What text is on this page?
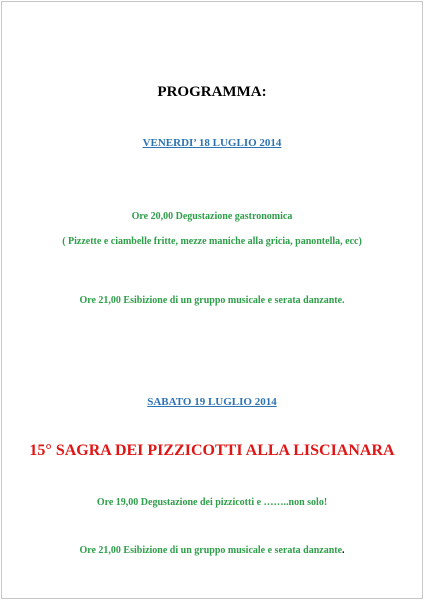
PROGRAMMA:
VENERDI’ 18 LUGLIO 2014
Ore 20,00 Degustazione gastronomica
( Pizzette e ciambelle fritte, mezze maniche alla gricia, panontella, ecc)
Ore 21,00 Esibizione di un gruppo musicale e serata danzante.
SABATO 19 LUGLIO 2014
15° SAGRA DEI PIZZICOTTI ALLA LISCIANARA
Ore 19,00 Degustazione dei pizzicotti e ……..non solo!
Ore 21,00 Esibizione di un gruppo musicale e serata danzante.
